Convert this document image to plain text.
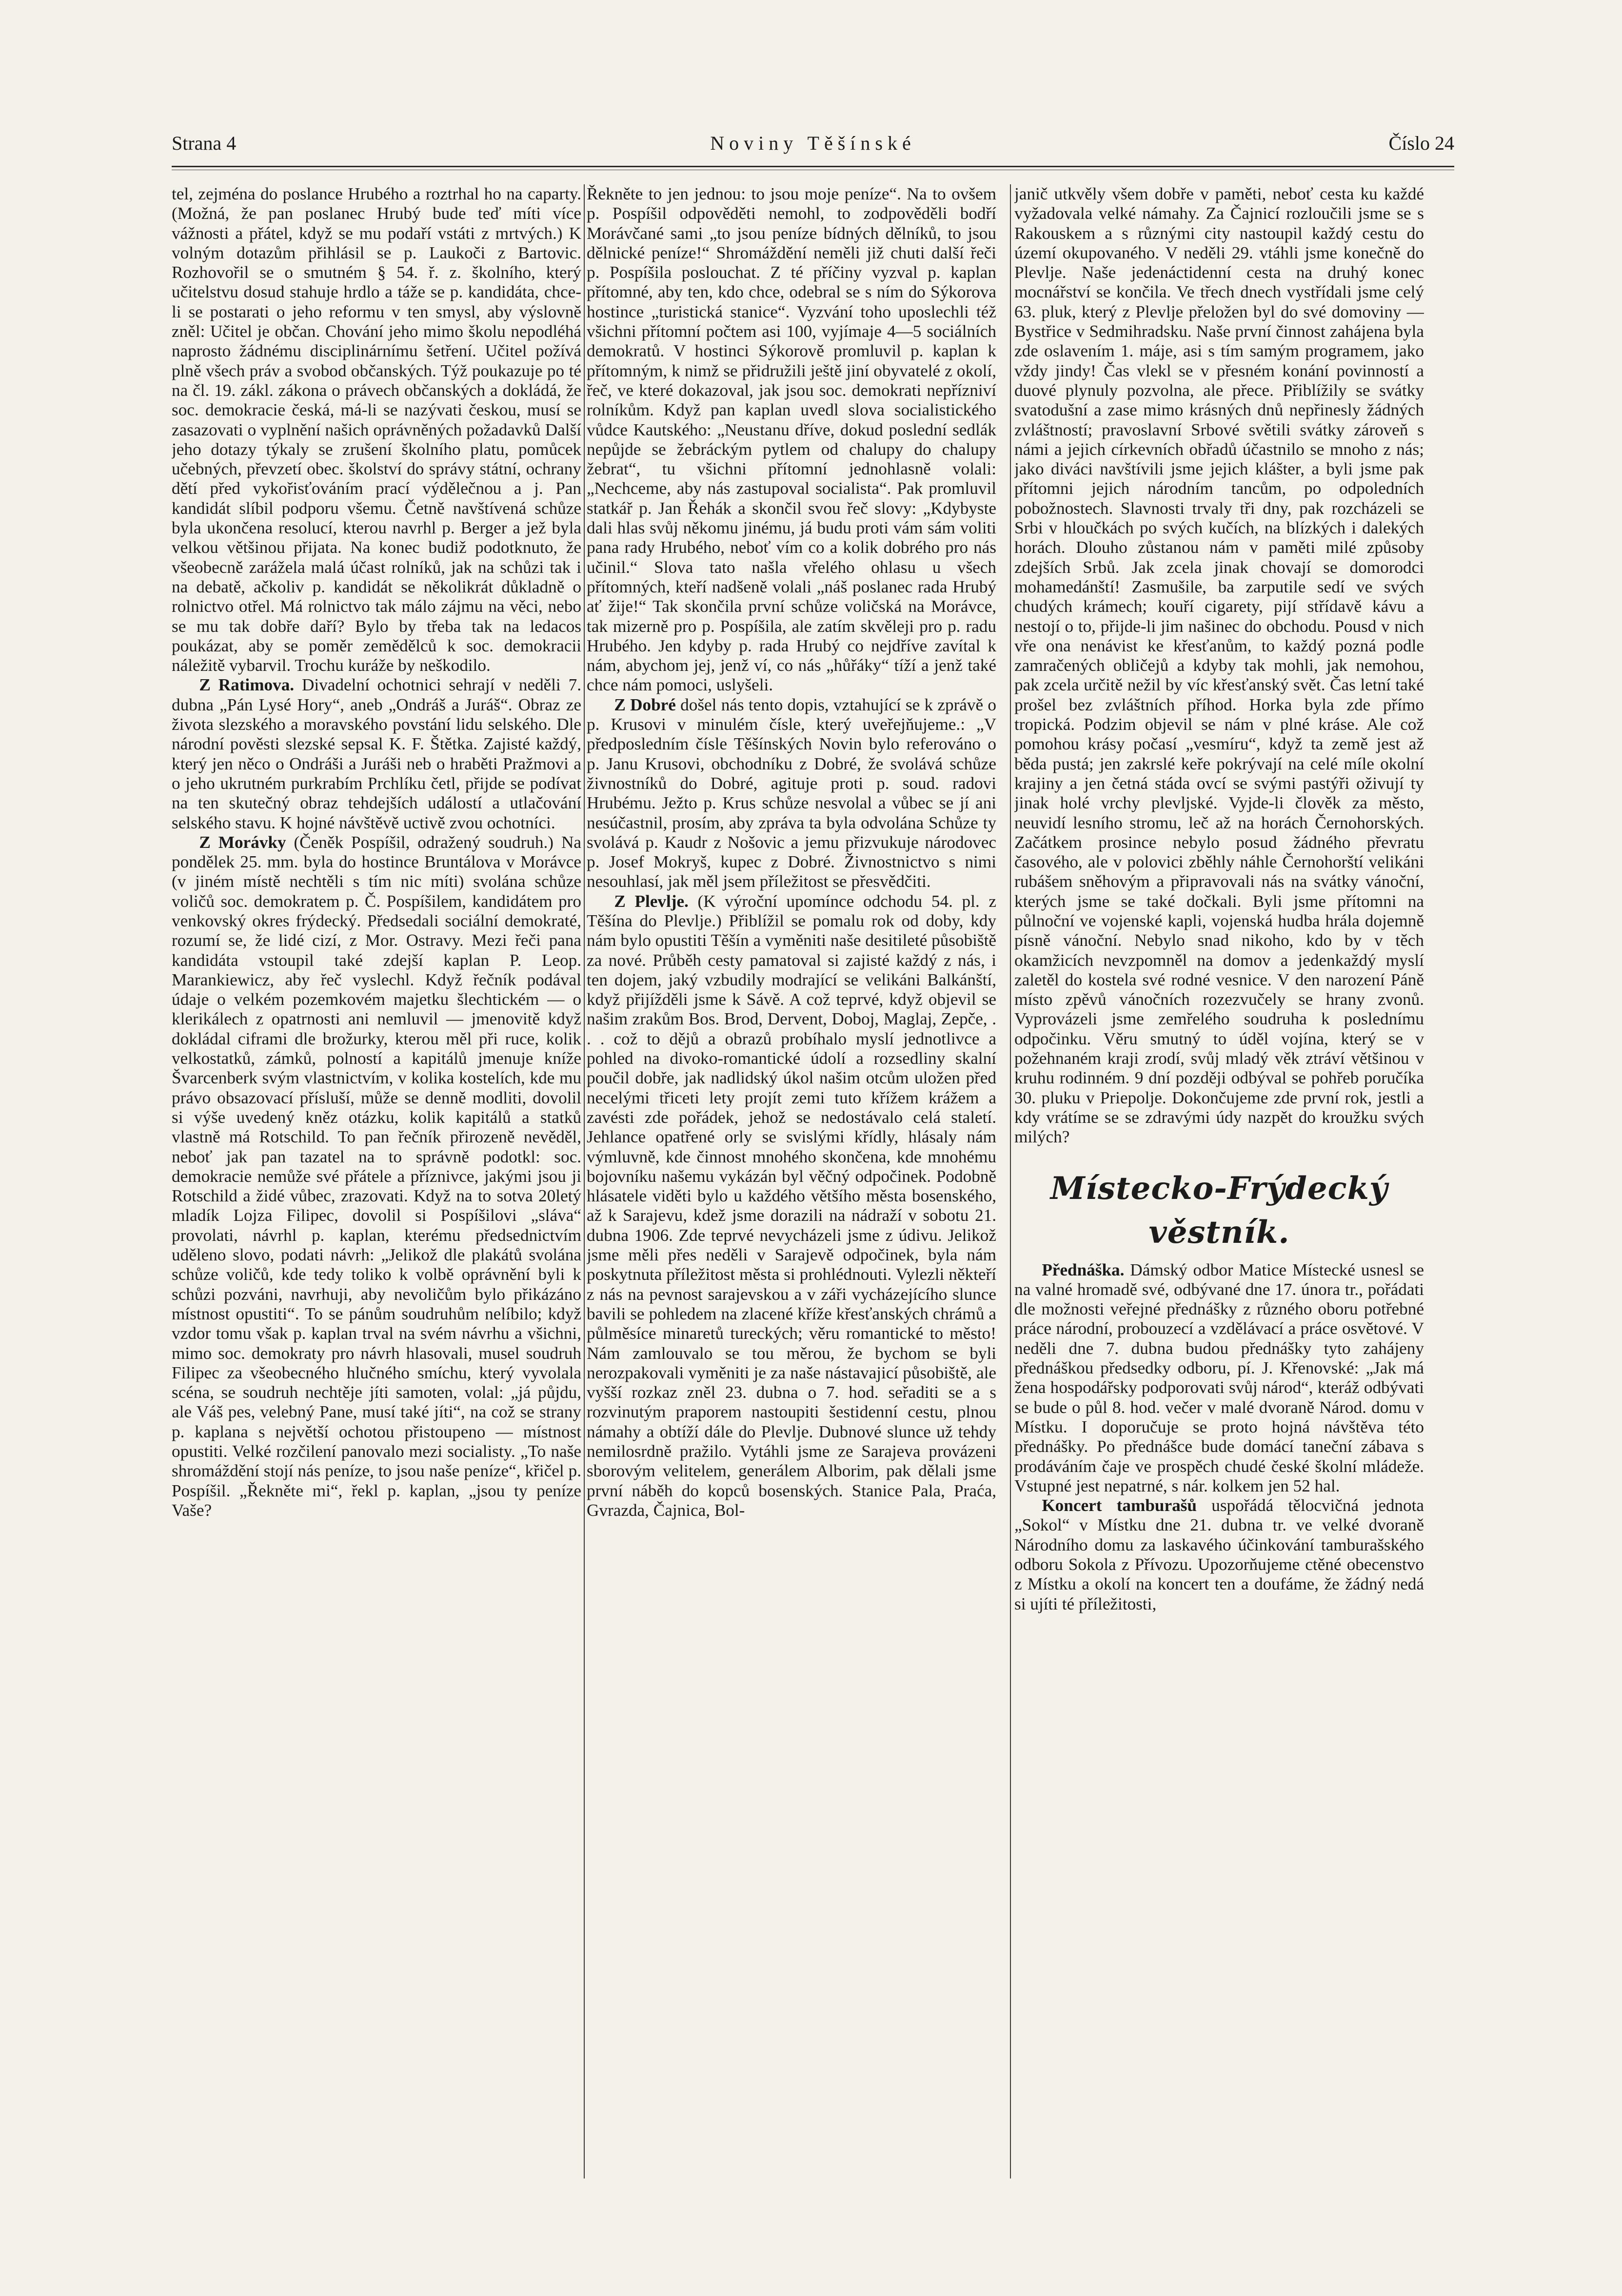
Strana 4	Noviny Těšínské	Číslo 24

tel, zejména do poslance Hrubého a roztrhal ho na caparty. (Možná, že pan poslanec Hrubý bude teď míti více vážnosti a přátel, když se mu podaří vstáti z mrtvých.) K volným dotazům přihlásil se p. Laukoči z Bartovic. Rozhovořil se o smutném § 54. ř. z. školního, který učitelstvu dosud stahuje hrdlo a táže se p. kandidáta, chce-li se postarati o jeho reformu v ten smysl, aby výslovně zněl: Učitel je občan. Chování jeho mimo školu nepodléhá naprosto žádnému disciplinárnímu šetření. Učitel požívá plně všech práv a svobod občanských. Týž poukazuje po té na čl. 19. zákl. zákona o právech občanských a dokládá, že soc. demokracie česká, má-li se nazývati českou, musí se zasazovati o vyplnění našich oprávněných požadavků Další jeho dotazy týkaly se zrušení školního platu, pomůcek učebných, převzetí obec. školství do správy státní, ochrany dětí před vykořisťováním prací výdělečnou a j. Pan kandidát slíbil podporu všemu. Četně navštívená schůze byla ukončena resolucí, kterou navrhl p. Berger a jež byla velkou většinou přijata. Na konec budiž podotknuto, že všeobecně zarážela malá účast rolníků, jak na schůzi tak i na debatě, ačkoliv p. kandidát se několikrát důkladně o rolnictvo otřel. Má rolnictvo tak málo zájmu na věci, nebo se mu tak dobře daří? Bylo by třeba tak na ledacos poukázat, aby se poměr zemědělců k soc. demokracii náležitě vybarvil. Trochu kuráže by neškodilo.

Z Ratimova. Divadelní ochotnici sehrají v neděli 7. dubna „Pán Lysé Hory“, aneb „Ondráš a Juráš“. Obraz ze života slezského a moravského povstání lidu selského. Dle národní pověsti slezské sepsal K. F. Štětka. Zajisté každý, který jen něco o Ondráši a Juráši neb o hraběti Pražmovi a o jeho ukrutném purkrabím Prchlíku četl, přijde se podívat na ten skutečný obraz tehdejších událostí a utlačování selského stavu. K hojné návštěvě uctivě zvou ochotníci.

Z Morávky (Čeněk Pospíšil, odražený soudruh.) Na pondělek 25. mm. byla do hostince Bruntálova v Morávce (v jiném místě nechtěli s tím nic míti) svolána schůze voličů soc. demokratem p. Č. Pospíšilem, kandidátem pro venkovský okres frýdecký. Předsedali sociální demokraté, rozumí se, že lidé cizí, z Mor. Ostravy. Mezi řeči pana kandidáta vstoupil také zdejší kaplan P. Leop. Marankiewicz, aby řeč vyslechl. Když řečník podával údaje o velkém pozemkovém majetku šlechtickém — o klerikálech z opatrnosti ani nemluvil — jmenovitě když dokládal ciframi dle brožurky, kterou měl při ruce, kolik velkostatků, zámků, polností a kapitálů jmenuje kníže Švarcenberk svým vlastnictvím, v kolika kostelích, kde mu právo obsazovací přísluší, může se denně modliti, dovolil si výše uvedený kněz otázku, kolik kapitálů a statků vlastně má Rotschild. To pan řečník přirozeně nevěděl, neboť jak pan tazatel na to správně podotkl: soc. demokracie nemůže své přátele a příznivce, jakými jsou ji Rotschild a židé vůbec, zrazovati. Když na to sotva 20letý mladík Lojza Filipec, dovolil si Pospíšilovi „sláva“ provolati, návrhl p. kaplan, kterému předsednictvím uděleno slovo, podati návrh: „Jelikož dle plakátů svolána schůze voličů, kde tedy toliko k volbě oprávnění byli k schůzi pozváni, navrhuji, aby nevoličům bylo přikázáno místnost opustiti“. To se pánům soudruhům nelíbilo; když vzdor tomu však p. kaplan trval na svém návrhu a všichni, mimo soc. demokraty pro návrh hlasovali, musel soudruh Filipec za všeobecného hlučného smíchu, který vyvolala scéna, se soudruh nechtěje jíti samoten, volal: „já půjdu, ale Váš pes, velebný Pane, musí také jíti“, na což se strany p. kaplana s největší ochotou přistoupeno — místnost opustiti. Velké rozčilení panovalo mezi socialisty. „To naše shromáždění stojí nás peníze, to jsou naše peníze“, křičel p. Pospíšil. „Řekněte mi“, řekl p. kaplan, „jsou ty peníze Vaše?

Řekněte to jen jednou: to jsou moje peníze“. Na to ovšem p. Pospíšil odpověděti nemohl, to zodpověděli bodří Morávčané sami „to jsou peníze bídných dělníků, to jsou dělnické peníze!“ Shromáždění neměli již chuti další řeči p. Pospíšila poslouchat. Z té příčiny vyzval p. kaplan přítomné, aby ten, kdo chce, odebral se s ním do Sýkorova hostince „turistická stanice“. Vyzvání toho uposlechli též všichni přítomní počtem asi 100, vyjímaje 4—5 sociálních demokratů. V hostinci Sýkorově promluvil p. kaplan k přítomným, k nimž se přidružili ještě jiní obyvatelé z okolí, řeč, ve které dokazoval, jak jsou soc. demokrati nepřízniví rolníkům. Když pan kaplan uvedl slova socialistického vůdce Kautského: „Neustanu dříve, dokud poslední sedlák nepůjde se žebráckým pytlem od chalupy do chalupy žebrat“, tu všichni přítomní jednohlasně volali: „Nechceme, aby nás zastupoval socialista“. Pak promluvil statkář p. Jan Řehák a skončil svou řeč slovy: „Kdybyste dali hlas svůj někomu jinému, já budu proti vám sám voliti pana rady Hrubého, neboť vím co a kolik dobrého pro nás učinil.“ Slova tato našla vřelého ohlasu u všech přítomných, kteří nadšeně volali „náš poslanec rada Hrubý ať žije!“ Tak skončila první schůze voličská na Morávce, tak mizerně pro p. Pospíšila, ale zatím skvěleji pro p. radu Hrubého. Jen kdyby p. rada Hrubý co nejdříve zavítal k nám, abychom jej, jenž ví, co nás „hůřáky“ tíží a jenž také chce nám pomoci, uslyšeli.

Z Dobré došel nás tento dopis, vztahující se k zprávě o p. Krusovi v minulém čísle, který uveřejňujeme.: „V předposledním čísle Těšínských Novin bylo referováno o p. Janu Krusovi, obchodníku z Dobré, že svolává schůze živnostníků do Dobré, agituje proti p. soud. radovi Hrubému. Ježto p. Krus schůze nesvolal a vůbec se jí ani nesúčastnil, prosím, aby zpráva ta byla odvolána Schůze ty svolává p. Kaudr z Nošovic a jemu přizvukuje národovec p. Josef Mokryš, kupec z Dobré. Živnostnictvo s nimi nesouhlasí, jak měl jsem příležitost se přesvědčiti.

Z Plevlje. (K výroční upomínce odchodu 54. pl. z Těšína do Plevlje.) Přiblížil se pomalu rok od doby, kdy nám bylo opustiti Těšín a vyměniti naše desitileté působiště za nové. Průběh cesty pamatoval si zajisté každý z nás, i ten dojem, jaký vzbudily modrající se velikáni Balkánští, když přijížděli jsme k Sávě. A což teprvé, když objevil se našim zrakům Bos. Brod, Dervent, Doboj, Maglaj, Zepče, . . . což to dějů a obrazů probíhalo myslí jednotlivce a pohled na divoko-romantické údolí a rozsedliny skalní poučil dobře, jak nadlidský úkol našim otcům uložen před necelými třiceti lety projít zemi tuto křížem krážem a zavésti zde pořádek, jehož se nedostávalo celá staletí. Jehlance opatřené orly se svislými křídly, hlásaly nám výmluvně, kde činnost mnohého skončena, kde mnohému bojovníku našemu vykázán byl věčný odpočinek. Podobně hlásatele viděti bylo u každého většího města bosenského, až k Sarajevu, kdež jsme dorazili na nádraží v sobotu 21. dubna 1906. Zde teprvé nevycházeli jsme z údivu. Jelikož jsme měli přes neděli v Sarajevě odpočinek, byla nám poskytnuta příležitost města si prohlédnouti. Vylezli někteří z nás na pevnost sarajevskou a v záři vycházejícího slunce bavili se pohledem na zlacené kříže křesťanských chrámů a půlměsíce minaretů tureckých; věru romantické to město! Nám zamlouvalo se tou měrou, že bychom se byli nerozpakovali vyměniti je za naše nástavajicí působiště, ale vyšší rozkaz zněl 23. dubna o 7. hod. seřaditi se a s rozvinutým praporem nastoupiti šestidenní cestu, plnou námahy a obtíží dále do Plevlje. Dubnové slunce už tehdy nemilosrdně pražilo. Vytáhli jsme ze Sarajeva provázeni sborovým velitelem, generálem Alborim, pak dělali jsme první náběh do kopců bosenských. Stanice Pala, Praća, Gvrazda, Čajnica, Bol-

janič utkvěly všem dobře v paměti, neboť cesta ku každé vyžadovala velké námahy. Za Čajnicí rozloučili jsme se s Rakouskem a s různými city nastoupil každý cestu do území okupovaného. V neděli 29. vtáhli jsme konečně do Plevlje. Naše jedenáctidenní cesta na druhý konec mocnářství se končila. Ve třech dnech vystřídali jsme celý 63. pluk, který z Plevlje přeložen byl do své domoviny — Bystřice v Sedmihradsku. Naše první činnost zahájena byla zde oslavením 1. máje, asi s tím samým programem, jako vždy jindy! Čas vlekl se v přesném konání povinností a duové plynuly pozvolna, ale přece. Přiblížily se svátky svatodušní a zase mimo krásných dnů nepřinesly žádných zvláštností; pravoslavní Srbové světili svátky zároveň s námi a jejich církevních obřadů účastnilo se mnoho z nás; jako diváci navštívili jsme jejich klášter, a byli jsme pak přítomni jejich národním tancům, po odpoledních pobožnostech. Slavnosti trvaly tři dny, pak rozcházeli se Srbi v hloučkách po svých kučích, na blízkých i dalekých horách. Dlouho zůstanou nám v paměti milé způsoby zdejších Srbů. Jak zcela jinak chovají se domorodci mohamedánští! Zasmušile, ba zarputile sedí ve svých chudých krámech; kouří cigarety, pijí střídavě kávu a nestojí o to, přijde-li jim našinec do obchodu. Pousd v nich vře ona nenávist ke křesťanům, to každý pozná podle zamračených obličejů a kdyby tak mohli, jak nemohou, pak zcela určitě nežil by víc křesťanský svět. Čas letní také prošel bez zvláštních příhod. Horka byla zde přímo tropická. Podzim objevil se nám v plné kráse. Ale což pomohou krásy počasí „vesmíru“, když ta země jest až běda pustá; jen zakrslé keře pokrývají na celé míle okolní krajiny a jen četná stáda ovcí se svými pastýři oživují ty jinak holé vrchy plevljské. Vyjde-li člověk za město, neuvidí lesního stromu, leč až na horách Černohorských. Začátkem prosince nebylo posud žádného převratu časového, ale v polovici zběhly náhle Černohorští velikáni rubášem sněhovým a připravovali nás na svátky vánoční, kterých jsme se také dočkali. Byli jsme přítomni na půlnoční ve vojenské kapli, vojenská hudba hrála dojemně písně vánoční. Nebylo snad nikoho, kdo by v těch okamžicích nevzpomněl na domov a jedenkaždý myslí zaletěl do kostela své rodné vesnice. V den narození Páně místo zpěvů vánočních rozezvučely se hrany zvonů. Vyprovázeli jsme zemřelého soudruha k poslednímu odpočinku. Věru smutný to úděl vojína, který se v požehnaném kraji zrodí, svůj mladý věk ztráví většinou v kruhu rodinném. 9 dní později odbýval se pohřeb poručíka 30. pluku v Priepolje. Dokončujeme zde první rok, jestli a kdy vrátíme se se zdravými údy nazpět do kroužku svých milých?

Místecko-Frýdecký věstník.

Přednáška. Dámský odbor Matice Místecké usnesl se na valné hromadě své, odbývané dne 17. února tr., pořádati dle možnosti veřejné přednášky z různého oboru potřebné práce národní, probouzecí a vzdělávací a práce osvětové. V neděli dne 7. dubna budou přednášky tyto zahájeny přednáškou předsedky odboru, pí. J. Křenovské: „Jak má žena hospodářsky podporovati svůj národ“, kteráž odbývati se bude o půl 8. hod. večer v malé dvoraně Národ. domu v Místku. I doporučuje se proto hojná návštěva této přednášky. Po přednášce bude domácí taneční zábava s prodáváním čaje ve prospěch chudé české školní mládeže. Vstupné jest nepatrné, s nár. kolkem jen 52 hal.

Koncert tamburašů uspořádá tělocvičná jednota „Sokol“ v Místku dne 21. dubna tr. ve velké dvoraně Národního domu za laskavého účinkování tamburašského odboru Sokola z Přívozu. Upozorňujeme ctěné obecenstvo z Místku a okolí na koncert ten a doufáme, že žádný nedá si ujíti té příležitosti,
